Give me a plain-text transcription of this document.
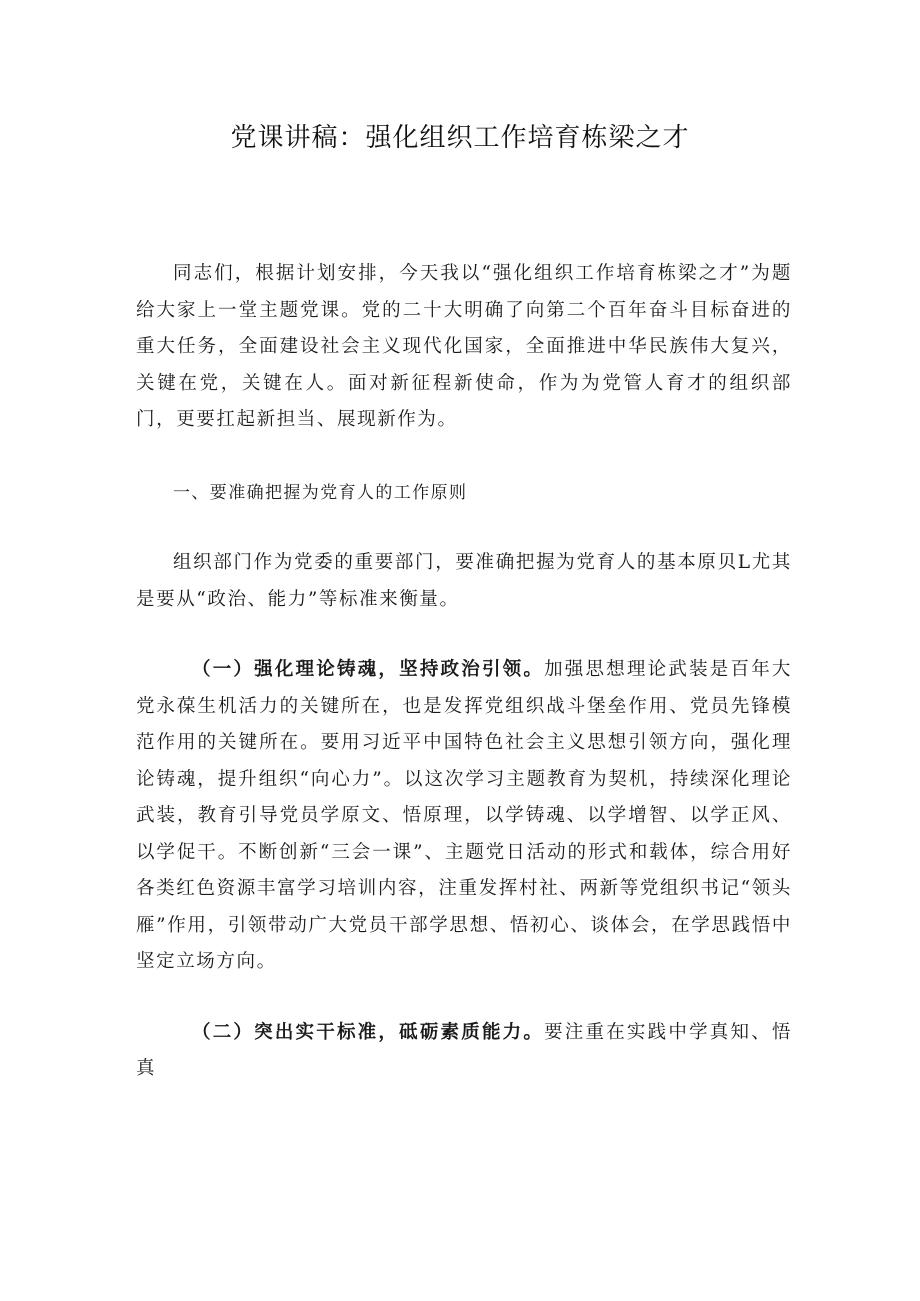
党课讲稿：强化组织工作培育栋梁之才

同志们，根据计划安排，今天我以“强化组织工作培育栋梁之才”为题给大家上一堂主题党课。党的二十大明确了向第二个百年奋斗目标奋进的重大任务，全面建设社会主义现代化国家，全面推进中华民族伟大复兴，关键在党，关键在人。面对新征程新使命，作为为党管人育才的组织部门，更要扛起新担当、展现新作为。

一、要准确把握为党育人的工作原则

组织部门作为党委的重要部门，要准确把握为党育人的基本原贝L尤其是要从“政治、能力”等标准来衡量。

（一）强化理论铸魂，坚持政治引领。加强思想理论武装是百年大党永葆生机活力的关键所在，也是发挥党组织战斗堡垒作用、党员先锋模范作用的关键所在。要用习近平中国特色社会主义思想引领方向，强化理论铸魂，提升组织“向心力”。以这次学习主题教育为契机，持续深化理论武装，教育引导党员学原文、悟原理，以学铸魂、以学增智、以学正风、以学促干。不断创新“三会一课”、主题党日活动的形式和载体，综合用好各类红色资源丰富学习培训内容，注重发挥村社、两新等党组织书记“领头雁”作用，引领带动广大党员干部学思想、悟初心、谈体会，在学思践悟中坚定立场方向。

（二）突出实干标准，砥砺素质能力。要注重在实践中学真知、悟真
